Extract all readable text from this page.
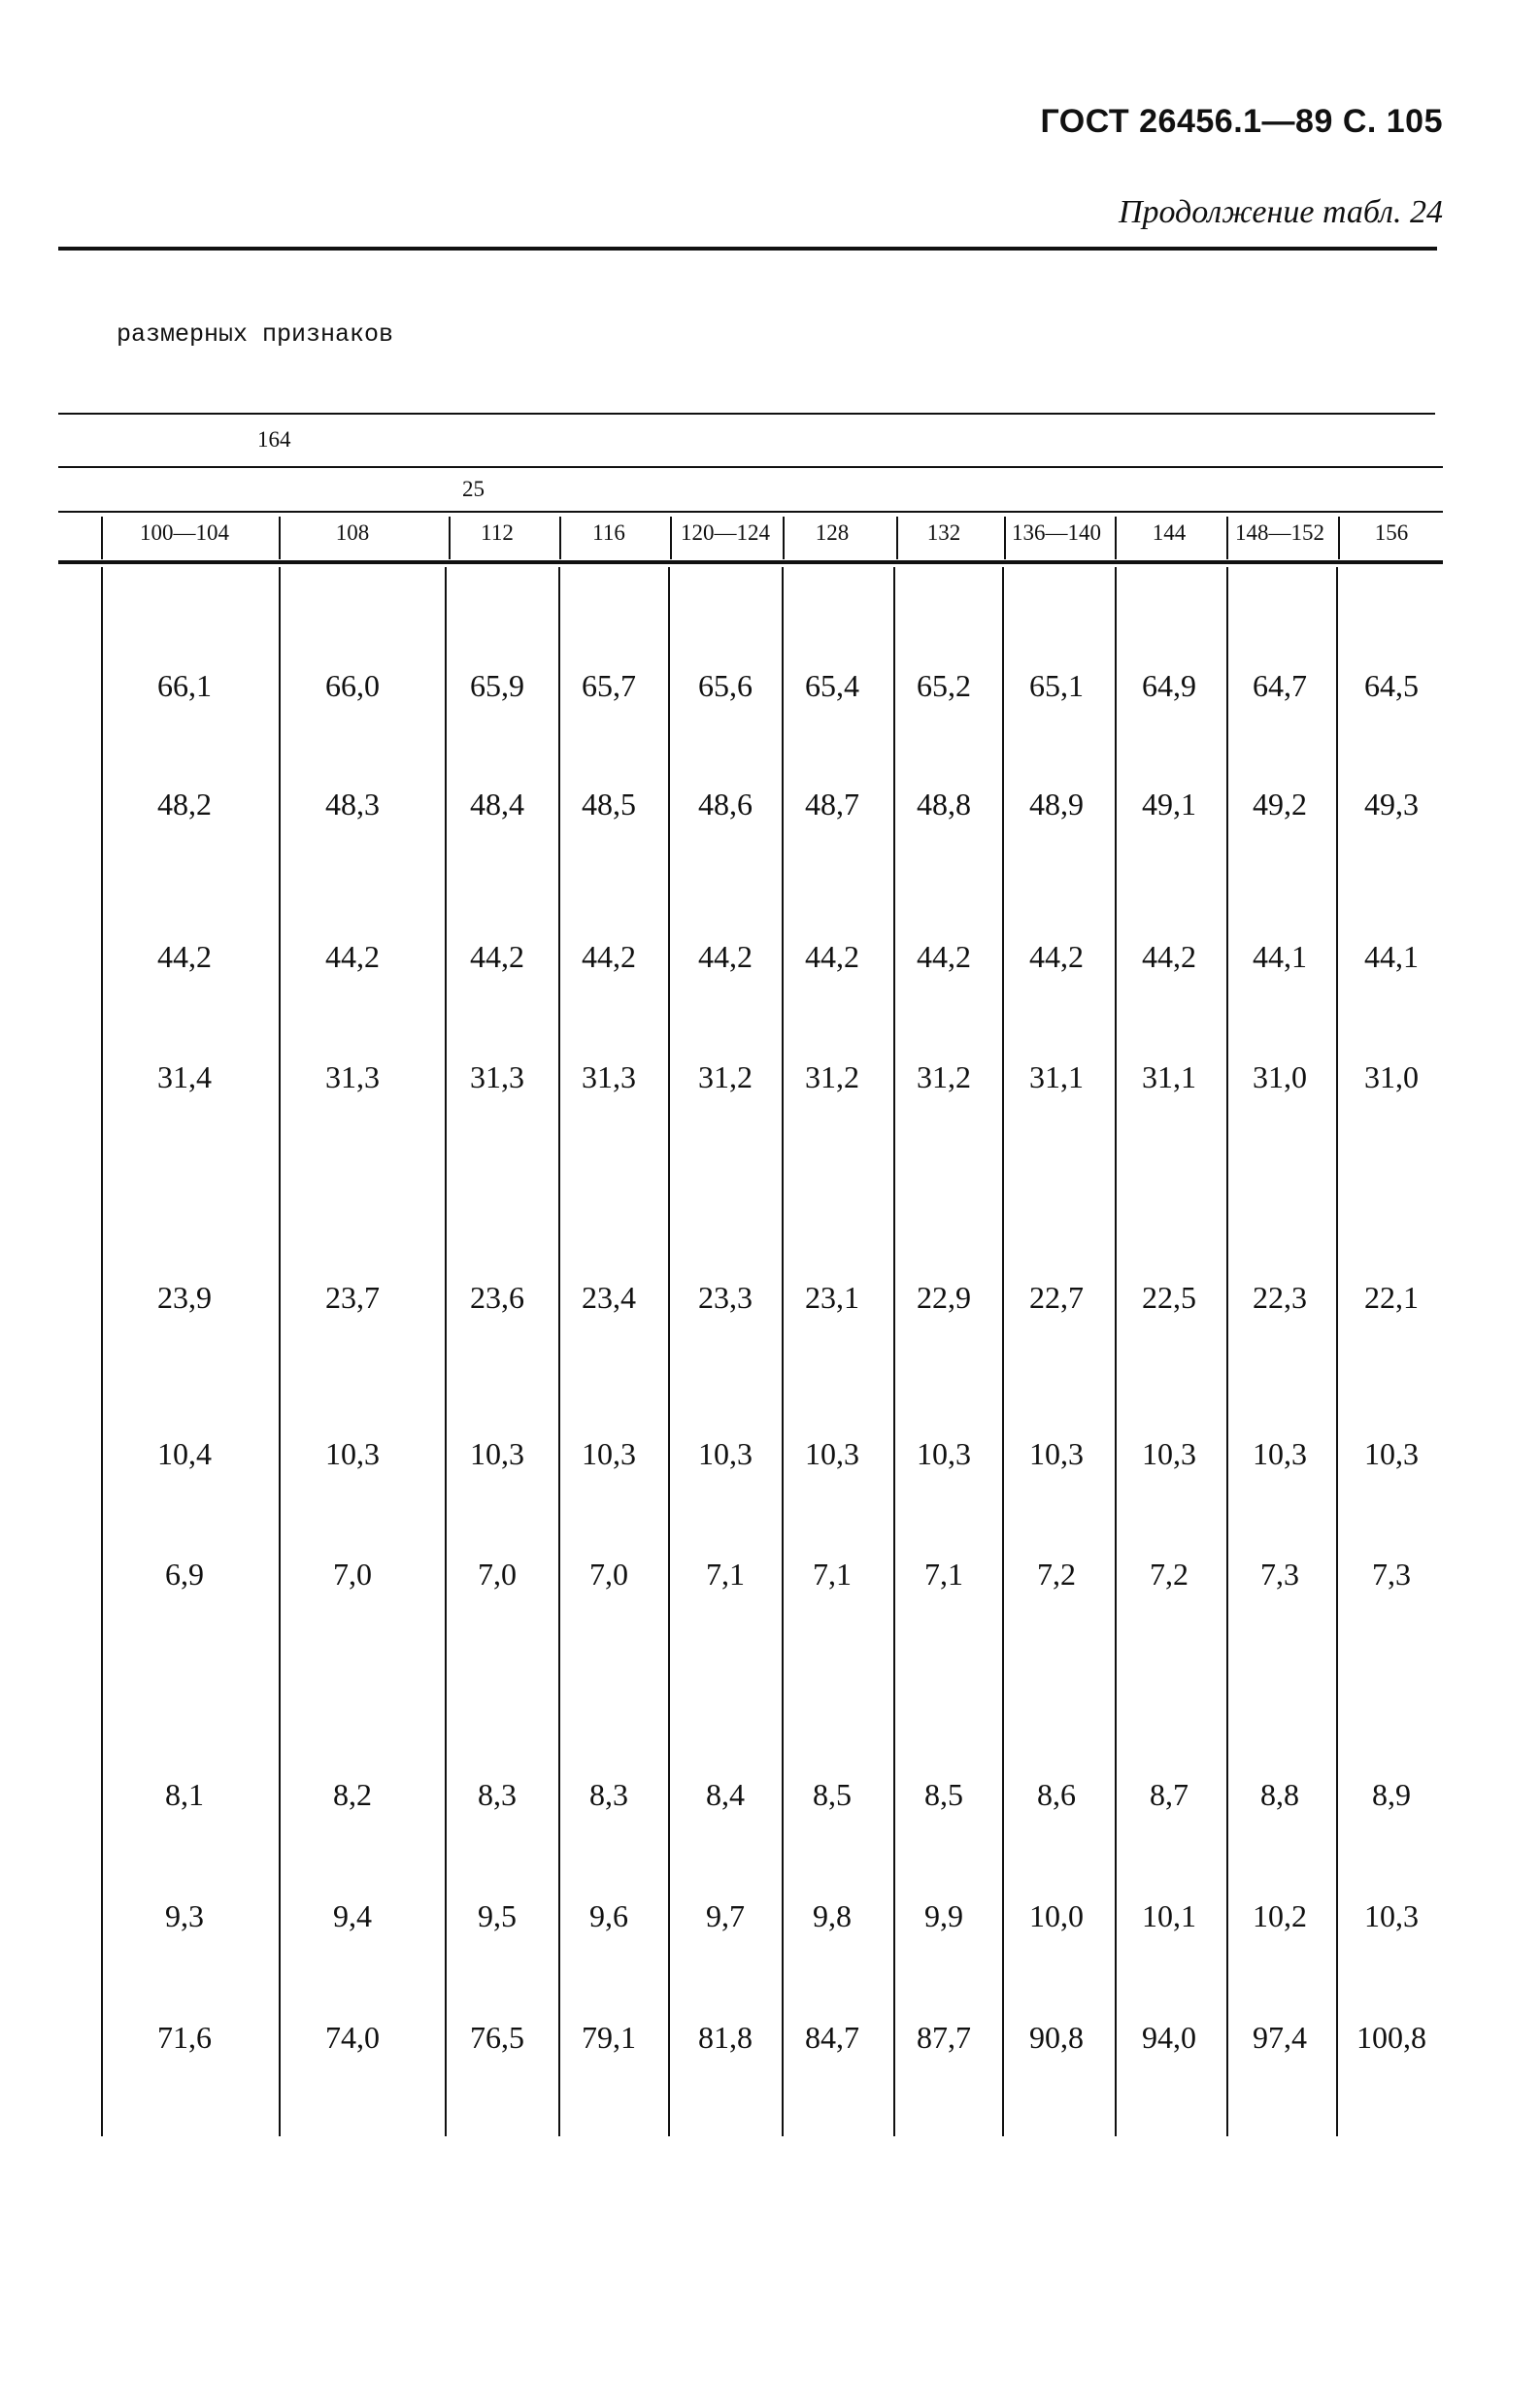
ГОСТ 26456.1—89 С. 105
Продолжение табл. 24
размерных признаков
164
25
100—104	108	112	116	120—124	128	132	136—140	144	148—152	156
66,1	66,0	65,9	65,7	65,6	65,4	65,2	65,1	64,9	64,7	64,5
48,2	48,3	48,4	48,5	48,6	48,7	48,8	48,9	49,1	49,2	49,3
44,2	44,2	44,2	44,2	44,2	44,2	44,2	44,2	44,2	44,1	44,1
31,4	31,3	31,3	31,3	31,2	31,2	31,2	31,1	31,1	31,0	31,0
23,9	23,7	23,6	23,4	23,3	23,1	22,9	22,7	22,5	22,3	22,1
10,4	10,3	10,3	10,3	10,3	10,3	10,3	10,3	10,3	10,3	10,3
6,9	7,0	7,0	7,0	7,1	7,1	7,1	7,2	7,2	7,3	7,3
8,1	8,2	8,3	8,3	8,4	8,5	8,5	8,6	8,7	8,8	8,9
9,3	9,4	9,5	9,6	9,7	9,8	9,9	10,0	10,1	10,2	10,3
71,6	74,0	76,5	79,1	81,8	84,7	87,7	90,8	94,0	97,4	100,8
